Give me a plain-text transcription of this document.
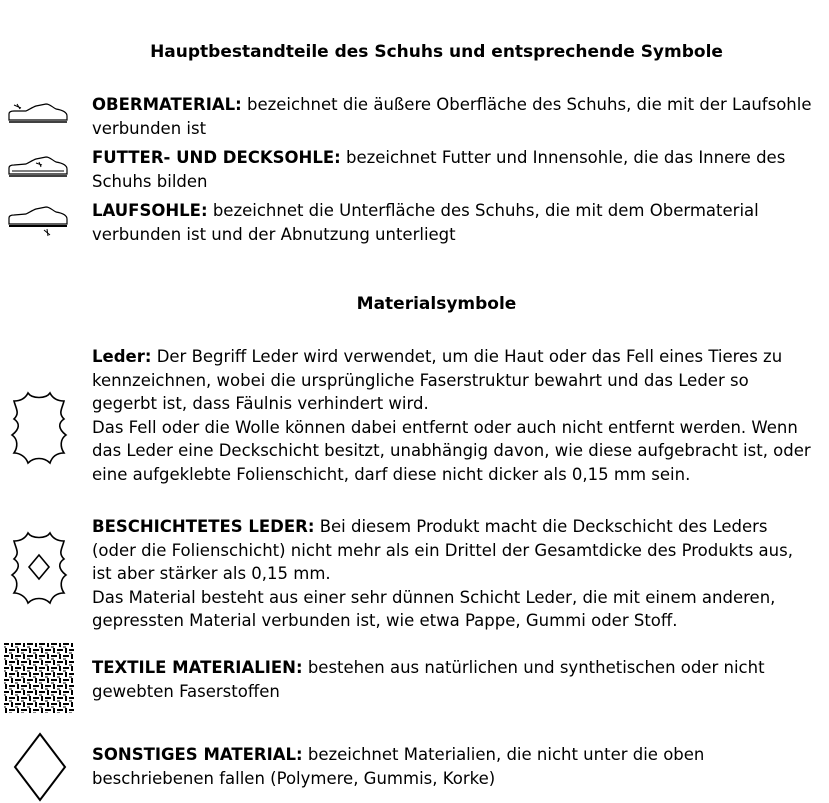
Hauptbestandteile des Schuhs und entsprechende Symbole

OBERMATERIAL: bezeichnet die äußere Oberfläche des Schuhs, die mit der Laufsohle verbunden ist

FUTTER- UND DECKSOHLE: bezeichnet Futter und Innensohle, die das Innere des Schuhs bilden

LAUFSOHLE: bezeichnet die Unterfläche des Schuhs, die mit dem Obermaterial verbunden ist und der Abnutzung unterliegt

Materialsymbole
Leder: Der Begriff Leder wird verwendet, um die Haut oder das Fell eines Tieres zu kennzeichnen, wobei die ursprüngliche Faserstruktur bewahrt und das Leder so gegerbt ist, dass Fäulnis verhindert wird.
Das Fell oder die Wolle können dabei entfernt oder auch nicht entfernt werden. Wenn das Leder eine Deckschicht besitzt, unabhängig davon, wie diese aufgebracht ist, oder eine aufgeklebte Folienschicht, darf diese nicht dicker als 0,15 mm sein.
BESCHICHTETES LEDER: Bei diesem Produkt macht die Deckschicht des Leders (oder die Folienschicht) nicht mehr als ein Drittel der Gesamtdicke des Produkts aus, ist aber stärker als 0,15 mm.
Das Material besteht aus einer sehr dünnen Schicht Leder, die mit einem anderen, gepressten Material verbunden ist, wie etwa Pappe, Gummi oder Stoff.

TEXTILE MATERIALIEN: bestehen aus natürlichen und synthetischen oder nicht gewebten Faserstoffen

SONSTIGES MATERIAL: bezeichnet Materialien, die nicht unter die oben beschriebenen fallen (Polymere, Gummis, Korke)
